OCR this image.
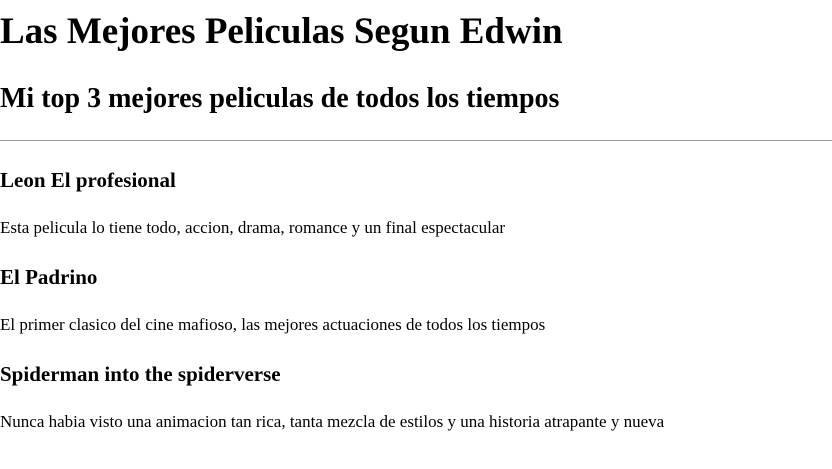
Las Mejores Peliculas Segun Edwin
Mi top 3 mejores peliculas de todos los tiempos
Leon El profesional

Esta pelicula lo tiene todo, accion, drama, romance y un final espectacular

El Padrino

El primer clasico del cine mafioso, las mejores actuaciones de todos los tiempos

Spiderman into the spiderverse

Nunca habia visto una animacion tan rica, tanta mezcla de estilos y una historia atrapante y nueva
